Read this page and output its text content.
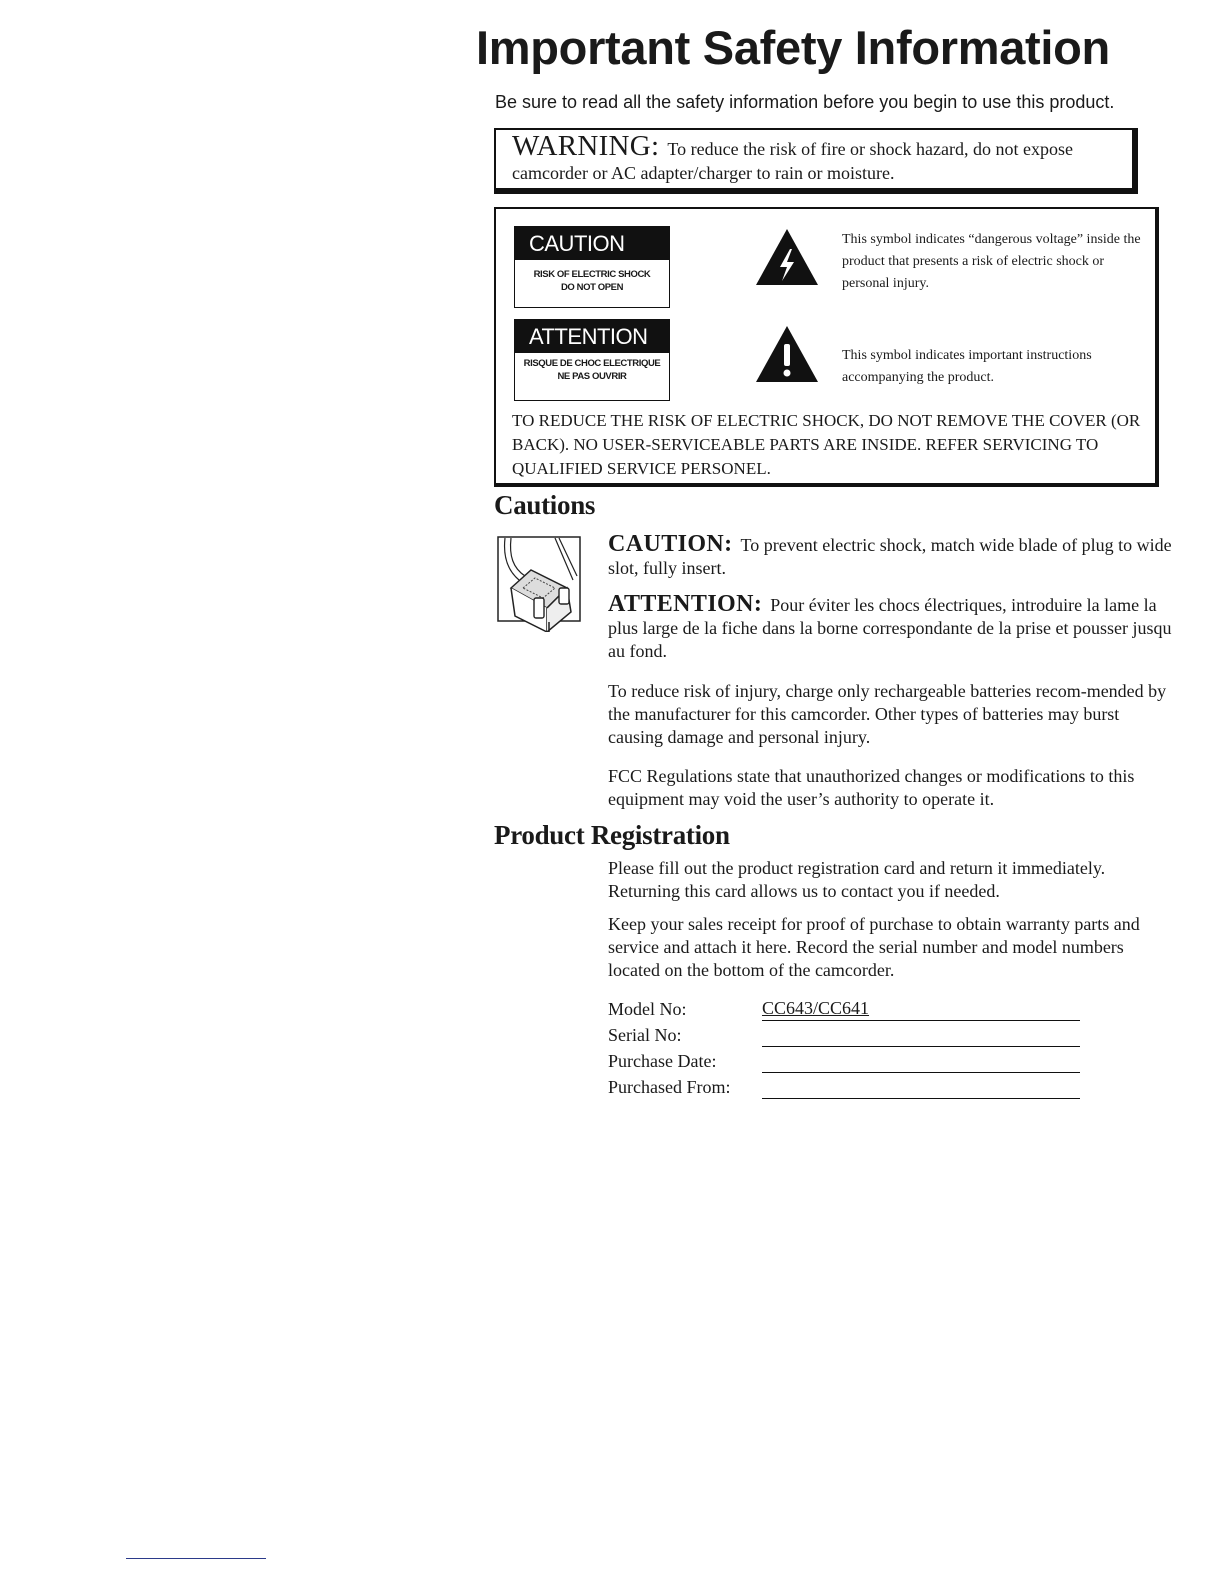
Important Safety Information

Be sure to read all the safety information before you begin to use this product.

WARNING: To reduce the risk of fire or shock hazard, do not expose camcorder or AC adapter/charger to rain or moisture.
CAUTION
RISK OF ELECTRIC SHOCK
DO NOT OPEN
ATTENTION
RISQUE DE CHOC ELECTRIQUE
NE PAS OUVRIR
This symbol indicates “dangerous voltage” inside the product that presents a risk of electric shock or personal injury.
This symbol indicates important instructions accompanying the product.
TO REDUCE THE RISK OF ELECTRIC SHOCK, DO NOT REMOVE THE COVER (OR BACK). NO USER-SERVICEABLE PARTS ARE INSIDE. REFER SERVICING TO QUALIFIED SERVICE PERSONEL.
Cautions
CAUTION: To prevent electric shock, match wide blade of plug to wide slot, fully insert.
ATTENTION: Pour éviter les chocs électriques, introduire la lame la plus large de la fiche dans la borne correspondante de la prise et pousser jusqu au fond.
To reduce risk of injury, charge only rechargeable batteries recom-mended by the manufacturer for this camcorder. Other types of batteries may burst causing damage and personal injury.
FCC Regulations state that unauthorized changes or modifications to this equipment may void the user’s authority to operate it.
Product Registration
Please fill out the product registration card and return it immediately. Returning this card allows us to contact you if needed.
Keep your sales receipt for proof of purchase to obtain warranty parts and service and attach it here. Record the serial number and model numbers located on the bottom of the camcorder.
Model No:	CC643/CC641
Serial No:
Purchase Date:
Purchased From:
